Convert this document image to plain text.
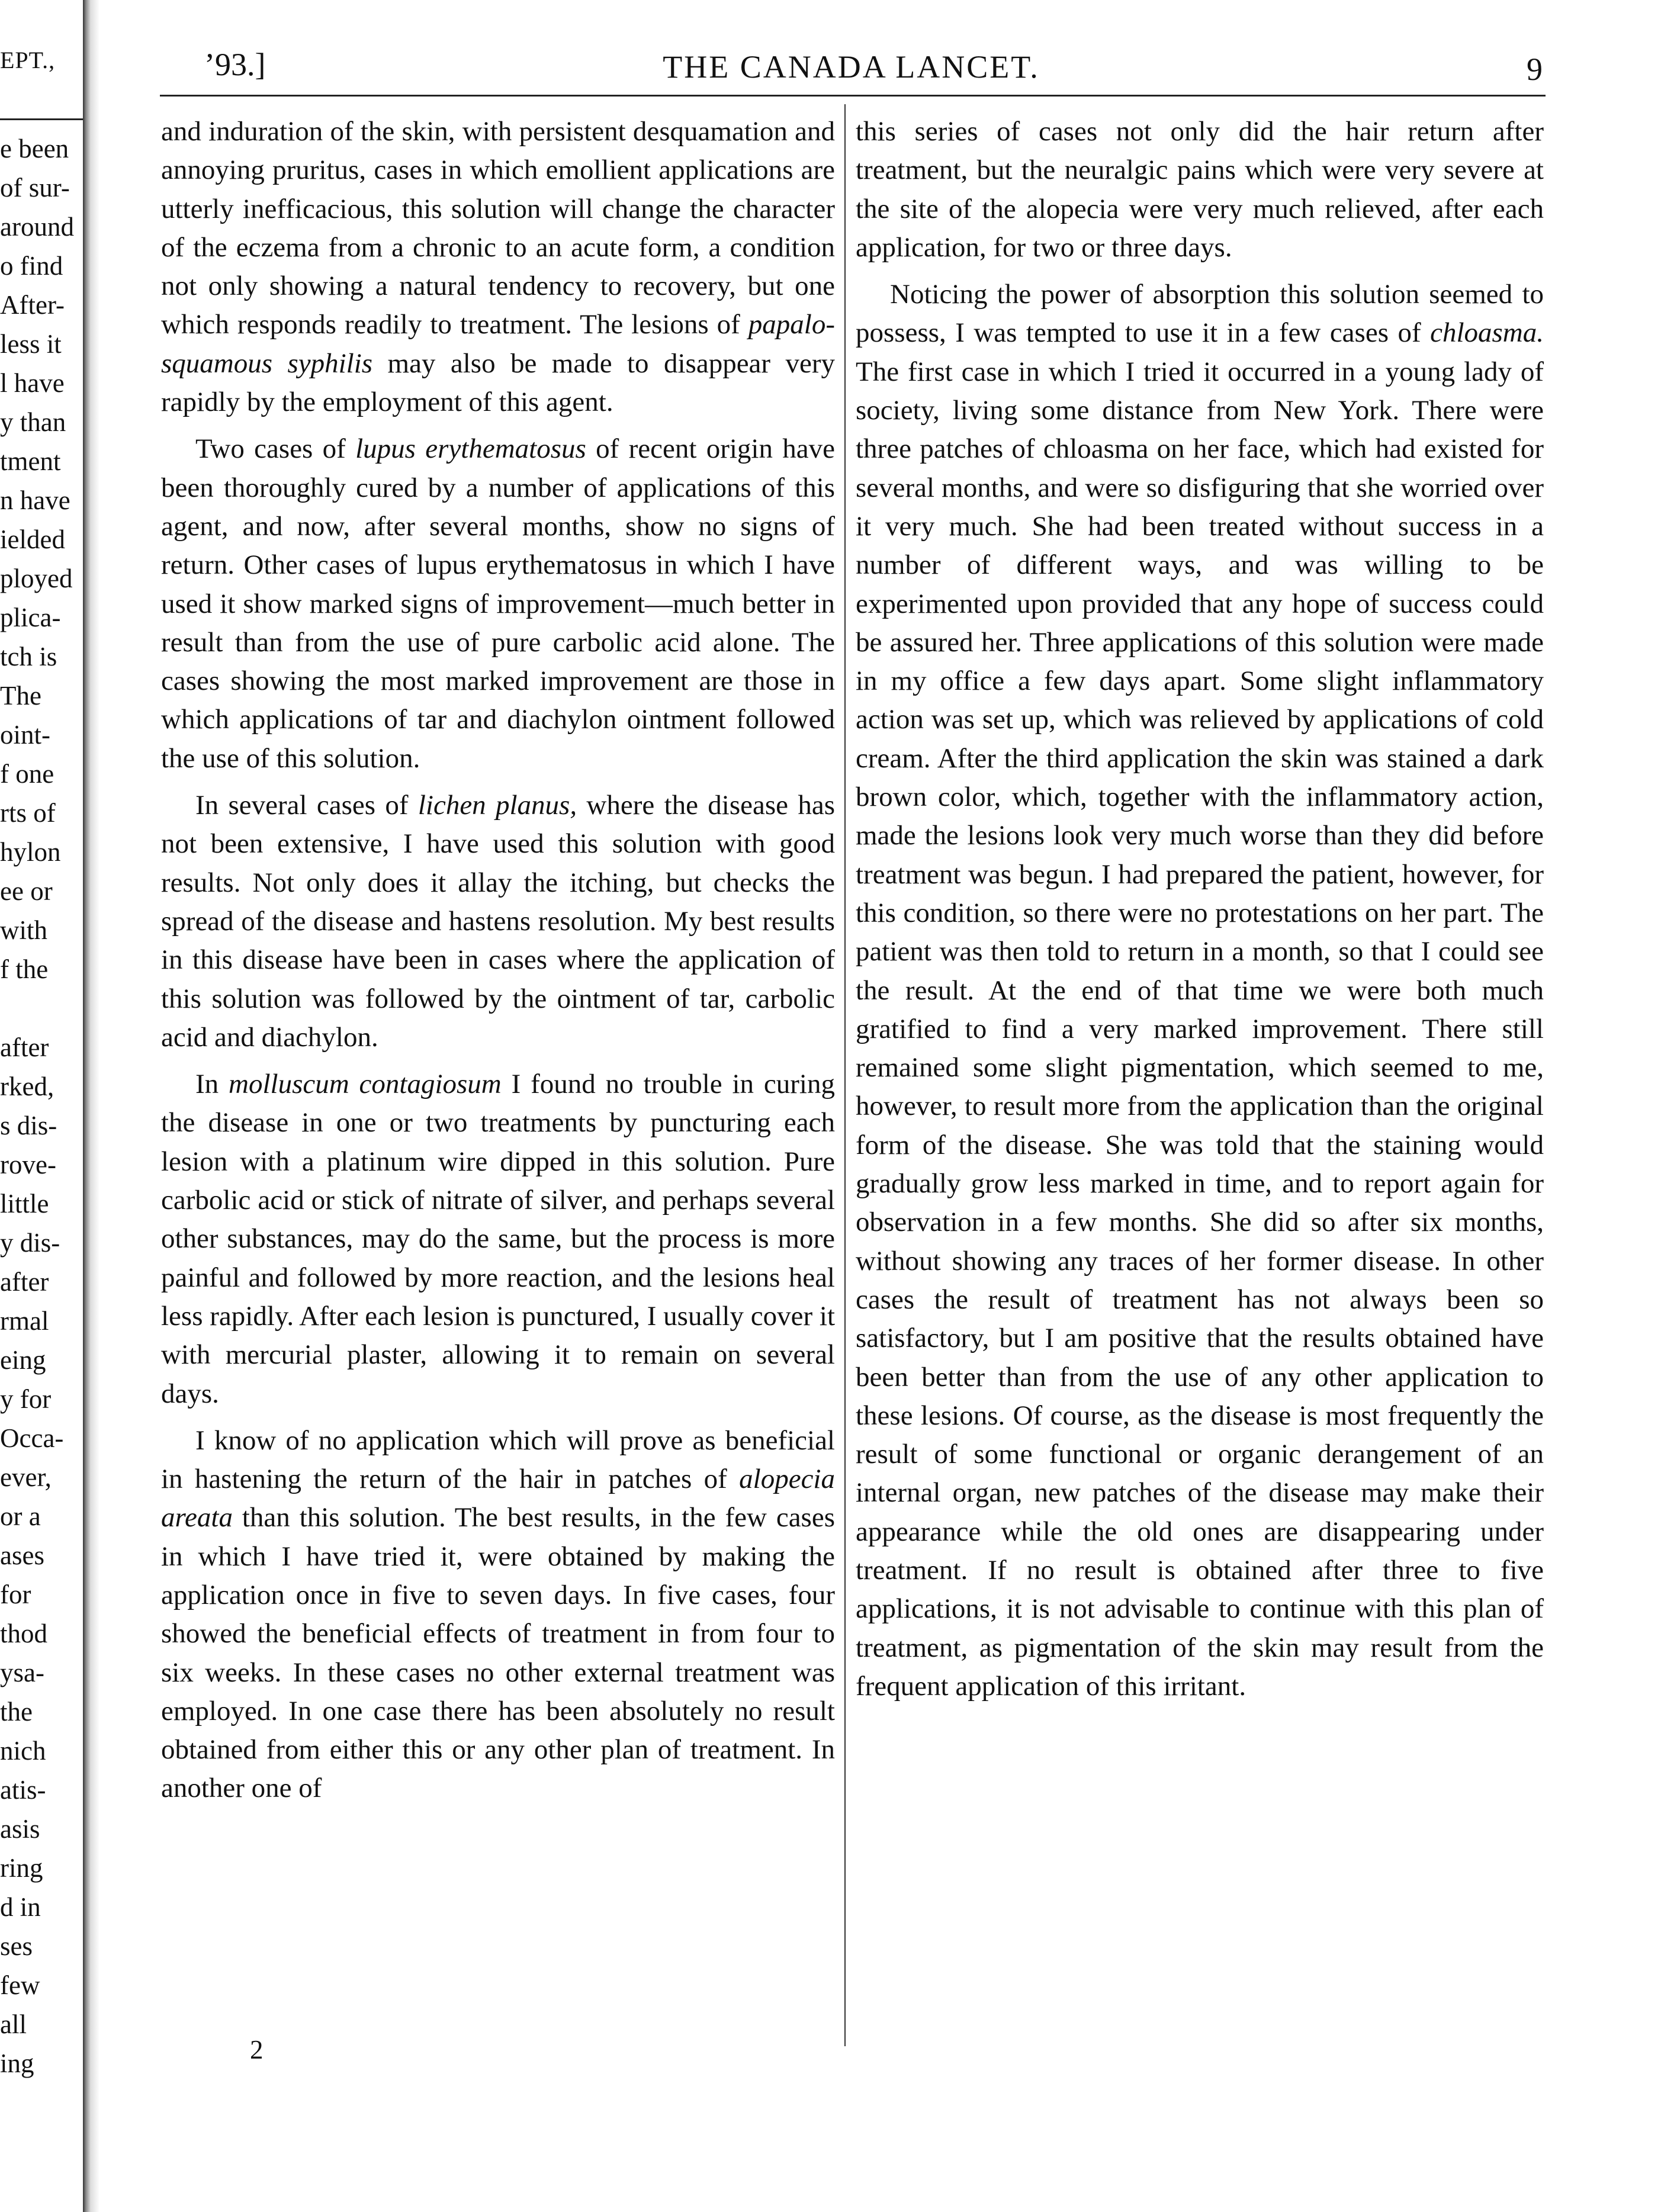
EPT.,
e been
of sur-
around
o find
After-
less it
l have
y than
tment
n have
ielded
ployed
plica-
tch is
The
oint-
f one
rts of
hylon
ee or
with
f the

after
rked,
s dis-
rove-
little
y dis-
after
rmal
eing
y for
Occa-
ever,
or a
ases
for
thod
ysa-
the
nich
atis-
asis
ring
d in
ses
few
all
ing
’93.]	THE CANADA LANCET.	9

and induration of the skin, with persistent desquamation and annoying pruritus, cases in which emollient applications are utterly inefficacious, this solution will change the character of the eczema from a chronic to an acute form, a condition not only showing a natural tendency to recovery, but one which responds readily to treatment. The lesions of papalo-squamous syphilis may also be made to disappear very rapidly by the employment of this agent.

Two cases of lupus erythematosus of recent origin have been thoroughly cured by a number of applications of this agent, and now, after several months, show no signs of return. Other cases of lupus erythematosus in which I have used it show marked signs of improvement—much better in result than from the use of pure carbolic acid alone. The cases showing the most marked improvement are those in which applications of tar and diachylon ointment followed the use of this solution.

In several cases of lichen planus, where the disease has not been extensive, I have used this solution with good results. Not only does it allay the itching, but checks the spread of the disease and hastens resolution. My best results in this disease have been in cases where the application of this solution was followed by the ointment of tar, carbolic acid and diachylon.

In molluscum contagiosum I found no trouble in curing the disease in one or two treatments by puncturing each lesion with a platinum wire dipped in this solution. Pure carbolic acid or stick of nitrate of silver, and perhaps several other substances, may do the same, but the process is more painful and followed by more reaction, and the lesions heal less rapidly. After each lesion is punctured, I usually cover it with mercurial plaster, allowing it to remain on several days.

I know of no application which will prove as beneficial in hastening the return of the hair in patches of alopecia areata than this solution. The best results, in the few cases in which I have tried it, were obtained by making the application once in five to seven days. In five cases, four showed the beneficial effects of treatment in from four to six weeks. In these cases no other external treatment was employed. In one case there has been absolutely no result obtained from either this or any other plan of treatment. In another one of

this series of cases not only did the hair return after treatment, but the neuralgic pains which were very severe at the site of the alopecia were very much relieved, after each application, for two or three days.

Noticing the power of absorption this solution seemed to possess, I was tempted to use it in a few cases of chloasma. The first case in which I tried it occurred in a young lady of society, living some distance from New York. There were three patches of chloasma on her face, which had existed for several months, and were so disfiguring that she worried over it very much. She had been treated without success in a number of different ways, and was willing to be experimented upon provided that any hope of success could be assured her. Three applications of this solution were made in my office a few days apart. Some slight inflammatory action was set up, which was relieved by applications of cold cream. After the third application the skin was stained a dark brown color, which, together with the inflammatory action, made the lesions look very much worse than they did before treatment was begun. I had prepared the patient, however, for this condition, so there were no protestations on her part. The patient was then told to return in a month, so that I could see the result. At the end of that time we were both much gratified to find a very marked improvement. There still remained some slight pigmentation, which seemed to me, however, to result more from the application than the original form of the disease. She was told that the staining would gradually grow less marked in time, and to report again for observation in a few months. She did so after six months, without showing any traces of her former disease. In other cases the result of treatment has not always been so satisfactory, but I am positive that the results obtained have been better than from the use of any other application to these lesions. Of course, as the disease is most frequently the result of some functional or organic derangement of an internal organ, new patches of the disease may make their appearance while the old ones are disappearing under treatment. If no result is obtained after three to five applications, it is not advisable to continue with this plan of treatment, as pigmentation of the skin may result from the frequent application of this irritant.

2
